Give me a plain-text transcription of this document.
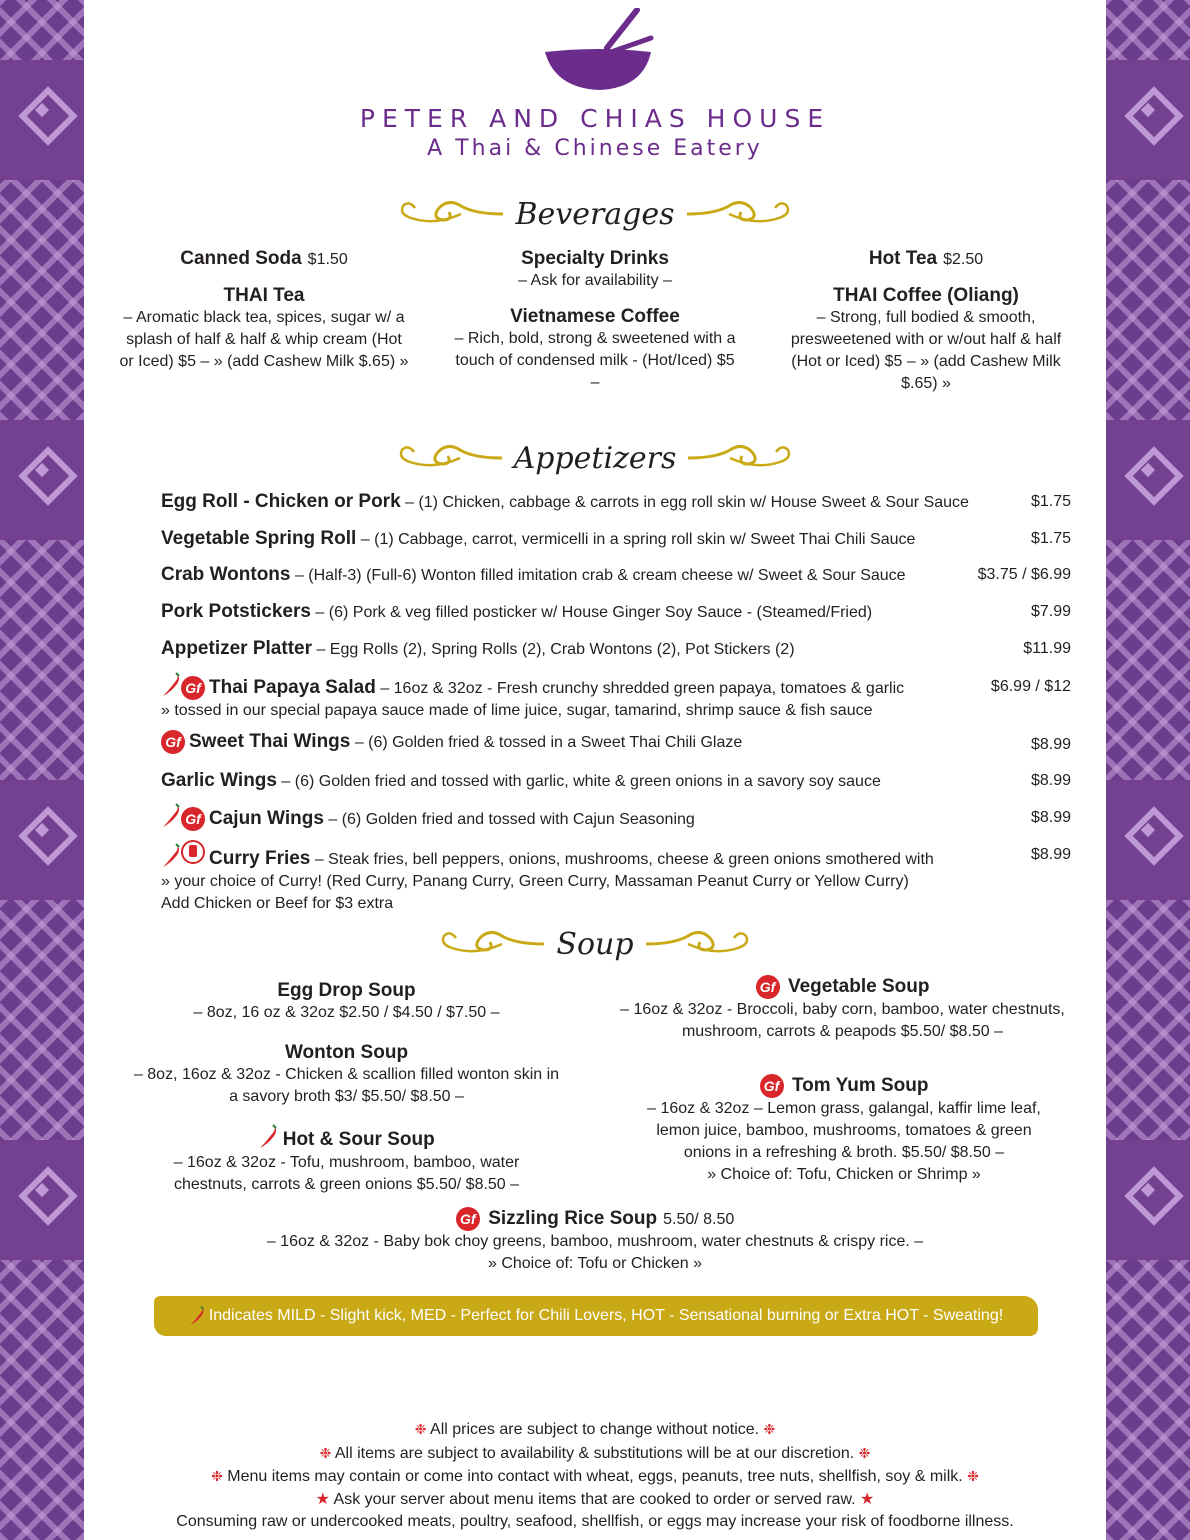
PETER AND CHIAS HOUSE
A Thai & Chinese Eatery
Beverages
Canned Soda $1.50
THAI Tea
– Aromatic black tea, spices, sugar w/ a splash of half & half & whip cream (Hot or Iced) $5 – » (add Cashew Milk $.65) »
Specialty Drinks
– Ask for availability –
Vietnamese Coffee
– Rich, bold, strong & sweetened with a touch of condensed milk - (Hot/Iced) $5 –
Hot Tea $2.50
THAI Coffee (Oliang)
– Strong, full bodied & smooth, presweetened with or w/out half & half (Hot or Iced) $5 – » (add Cashew Milk $.65) »
Appetizers
Egg Roll - Chicken or Pork – (1) Chicken, cabbage & carrots in egg roll skin w/ House Sweet & Sour Sauce	$1.75
Vegetable Spring Roll – (1) Cabbage, carrot, vermicelli in a spring roll skin w/ Sweet Thai Chili Sauce	$1.75
Crab Wontons – (Half-3) (Full-6) Wonton filled imitation crab & cream cheese w/ Sweet & Sour Sauce	$3.75 / $6.99
Pork Potstickers – (6) Pork & veg filled posticker w/ House Ginger Soy Sauce - (Steamed/Fried)	$7.99
Appetizer Platter – Egg Rolls (2), Spring Rolls (2), Crab Wontons (2), Pot Stickers (2)	$11.99
Gf Thai Papaya Salad – 16oz & 32oz - Fresh crunchy shredded green papaya, tomatoes & garlic
» tossed in our special papaya sauce made of lime juice, sugar, tamarind, shrimp sauce & fish sauce
$6.99 / $12
Gf Sweet Thai Wings – (6) Golden fried & tossed in a Sweet Thai Chili Glaze	$8.99
Garlic Wings – (6) Golden fried and tossed with garlic, white & green onions in a savory soy sauce	$8.99
Gf Cajun Wings – (6) Golden fried and tossed with Cajun Seasoning	$8.99
Curry Fries – Steak fries, bell peppers, onions, mushrooms, cheese & green onions smothered with
» your choice of Curry! (Red Curry, Panang Curry, Green Curry, Massaman Peanut Curry or Yellow Curry)
Add Chicken or Beef for $3 extra
$8.99
Soup
Egg Drop Soup
– 8oz, 16 oz & 32oz $2.50 / $4.50 / $7.50 –
Wonton Soup
– 8oz, 16oz & 32oz - Chicken & scallion filled wonton skin in a savory broth $3/ $5.50/ $8.50 –
Hot & Sour Soup
– 16oz & 32oz - Tofu, mushroom, bamboo, water chestnuts, carrots & green onions $5.50/ $8.50 –
Gf Vegetable Soup
– 16oz & 32oz - Broccoli, baby corn, bamboo, water chestnuts, mushroom, carrots & peapods $5.50/ $8.50 –
Gf Tom Yum Soup
– 16oz & 32oz – Lemon grass, galangal, kaffir lime leaf, lemon juice, bamboo, mushrooms, tomatoes & green onions in a refreshing & broth. $5.50/ $8.50 –
» Choice of: Tofu, Chicken or Shrimp »
Gf Sizzling Rice Soup 5.50/ 8.50
– 16oz & 32oz - Baby bok choy greens, bamboo, mushroom, water chestnuts & crispy rice. –
» Choice of: Tofu or Chicken »
Indicates MILD - Slight kick, MED - Perfect for Chili Lovers, HOT - Sensational burning or Extra HOT - Sweating!
❉ All prices are subject to change without notice. ❉
❉ All items are subject to availability & substitutions will be at our discretion. ❉
❉ Menu items may contain or come into contact with wheat, eggs, peanuts, tree nuts, shellfish, soy & milk. ❉
★ Ask your server about menu items that are cooked to order or served raw. ★
Consuming raw or undercooked meats, poultry, seafood, shellfish, or eggs may increase your risk of foodborne illness.
